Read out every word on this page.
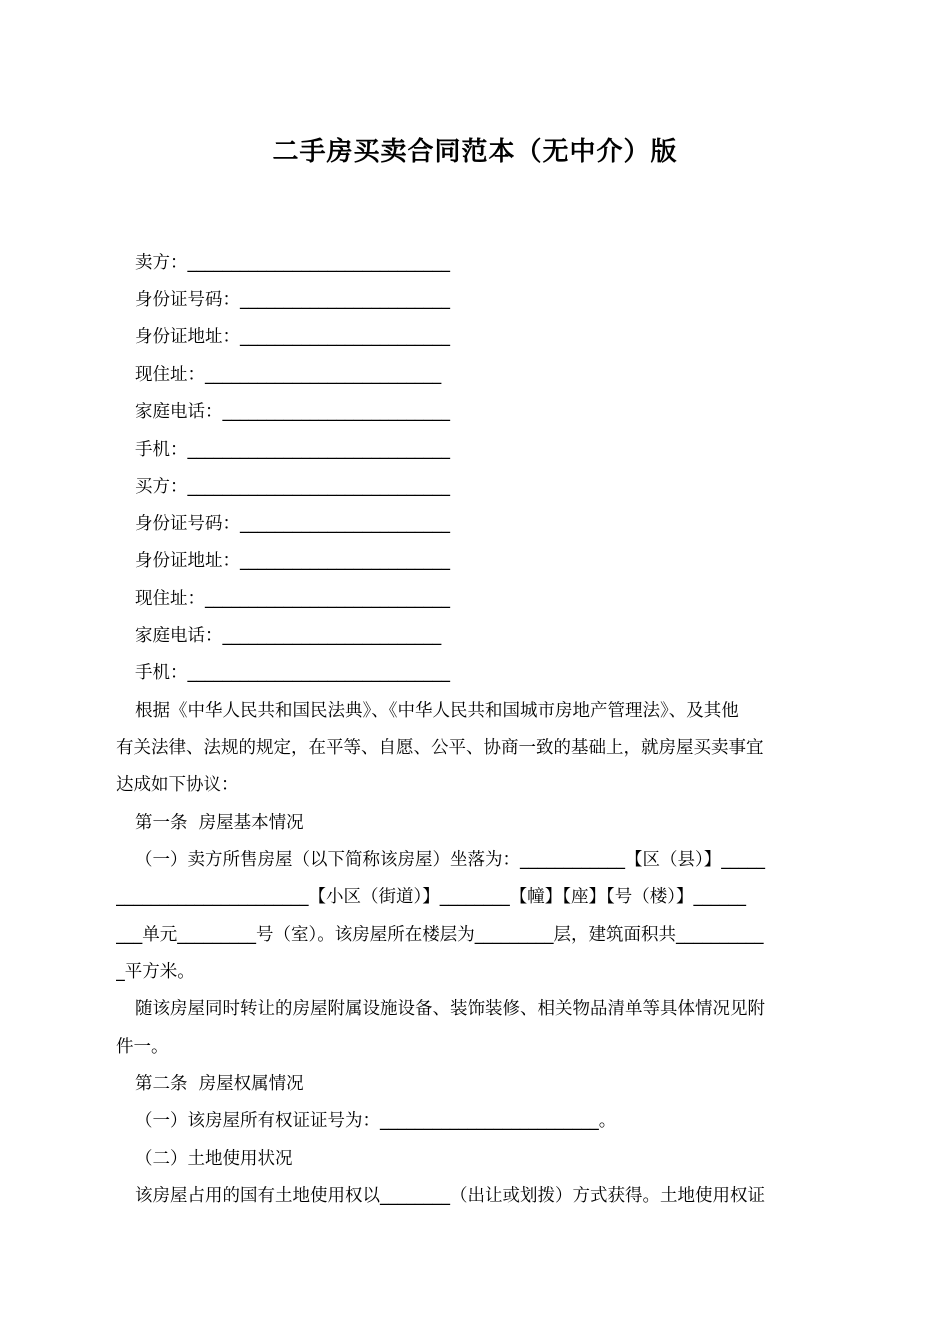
二手房买卖合同范本（无中介）版
卖方：______________________________
身份证号码：________________________
身份证地址：________________________
现住址：___________________________
家庭电话：__________________________
手机：______________________________
买方：______________________________
身份证号码：________________________
身份证地址：________________________
现住址：____________________________
家庭电话：_________________________
手机：______________________________
根据《中华人民共和国民法典》、《中华人民共和国城市房地产管理法》、及其他
有关法律、法规的规定，在平等、自愿、公平、协商一致的基础上，就房屋买卖事宜
达成如下协议：
第一条  房屋基本情况
（一）卖方所售房屋（以下简称该房屋）坐落为：____________【区（县）】_____
______________________【小区（街道）】________【幢】【座】【号（楼）】______
___单元_________号（室）。该房屋所在楼层为_________层，建筑面积共__________
_平方米。
随该房屋同时转让的房屋附属设施设备、装饰装修、相关物品清单等具体情况见附
件一。
第二条  房屋权属情况
（一）该房屋所有权证证号为：_________________________。
（二）土地使用状况
该房屋占用的国有土地使用权以________（出让或划拨）方式获得。土地使用权证
